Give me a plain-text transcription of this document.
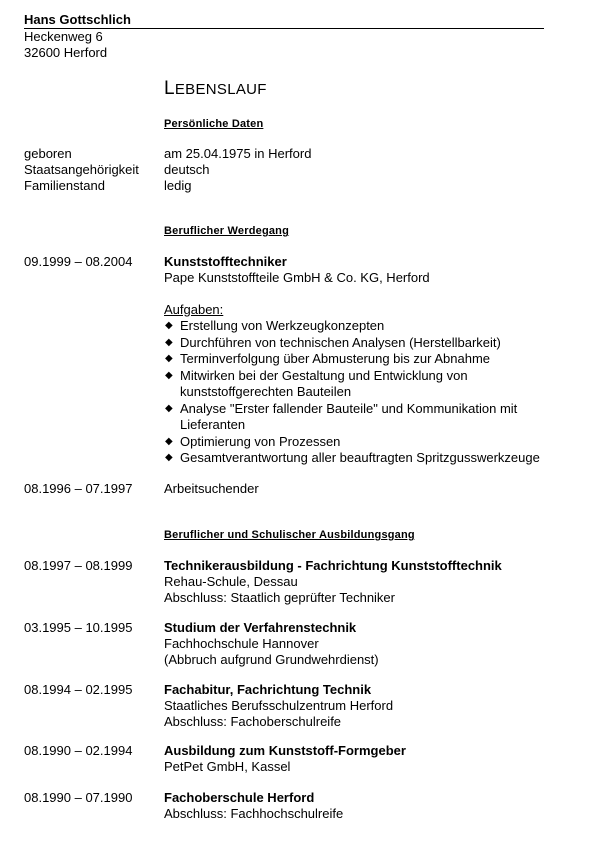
Hans Gottschlich
Heckenweg 6
32600 Herford
LEBENSLAUF
Persönliche Daten
geboren	am 25.04.1975 in Herford
Staatsangehörigkeit	deutsch
Familienstand	ledig
Beruflicher Werdegang
09.1999 – 08.2004	Kunststofftechniker
Pape Kunststoffteile GmbH & Co. KG, Herford
Aufgaben:
◆ Erstellung von Werkzeugkonzepten
◆ Durchführen von technischen Analysen (Herstellbarkeit)
◆ Terminverfolgung über Abmusterung bis zur Abnahme
◆ Mitwirken bei der Gestaltung und Entwicklung von
kunststoffgerechten Bauteilen
◆ Analyse "Erster fallender Bauteile" und Kommunikation mit
Lieferanten
◆ Optimierung von Prozessen
◆ Gesamtverantwortung aller beauftragten Spritzgusswerkzeuge
08.1996 – 07.1997	Arbeitsuchender
Beruflicher und Schulischer Ausbildungsgang
08.1997 – 08.1999	Technikerausbildung - Fachrichtung Kunststofftechnik
Rehau-Schule, Dessau
Abschluss: Staatlich geprüfter Techniker
03.1995 – 10.1995	Studium der Verfahrenstechnik
Fachhochschule Hannover
(Abbruch aufgrund Grundwehrdienst)
08.1994 – 02.1995	Fachabitur, Fachrichtung Technik
Staatliches Berufsschulzentrum Herford
Abschluss: Fachoberschulreife
08.1990 – 02.1994	Ausbildung zum Kunststoff-Formgeber
PetPet GmbH, Kassel
08.1990 – 07.1990	Fachoberschule Herford
Abschluss: Fachhochschulreife
